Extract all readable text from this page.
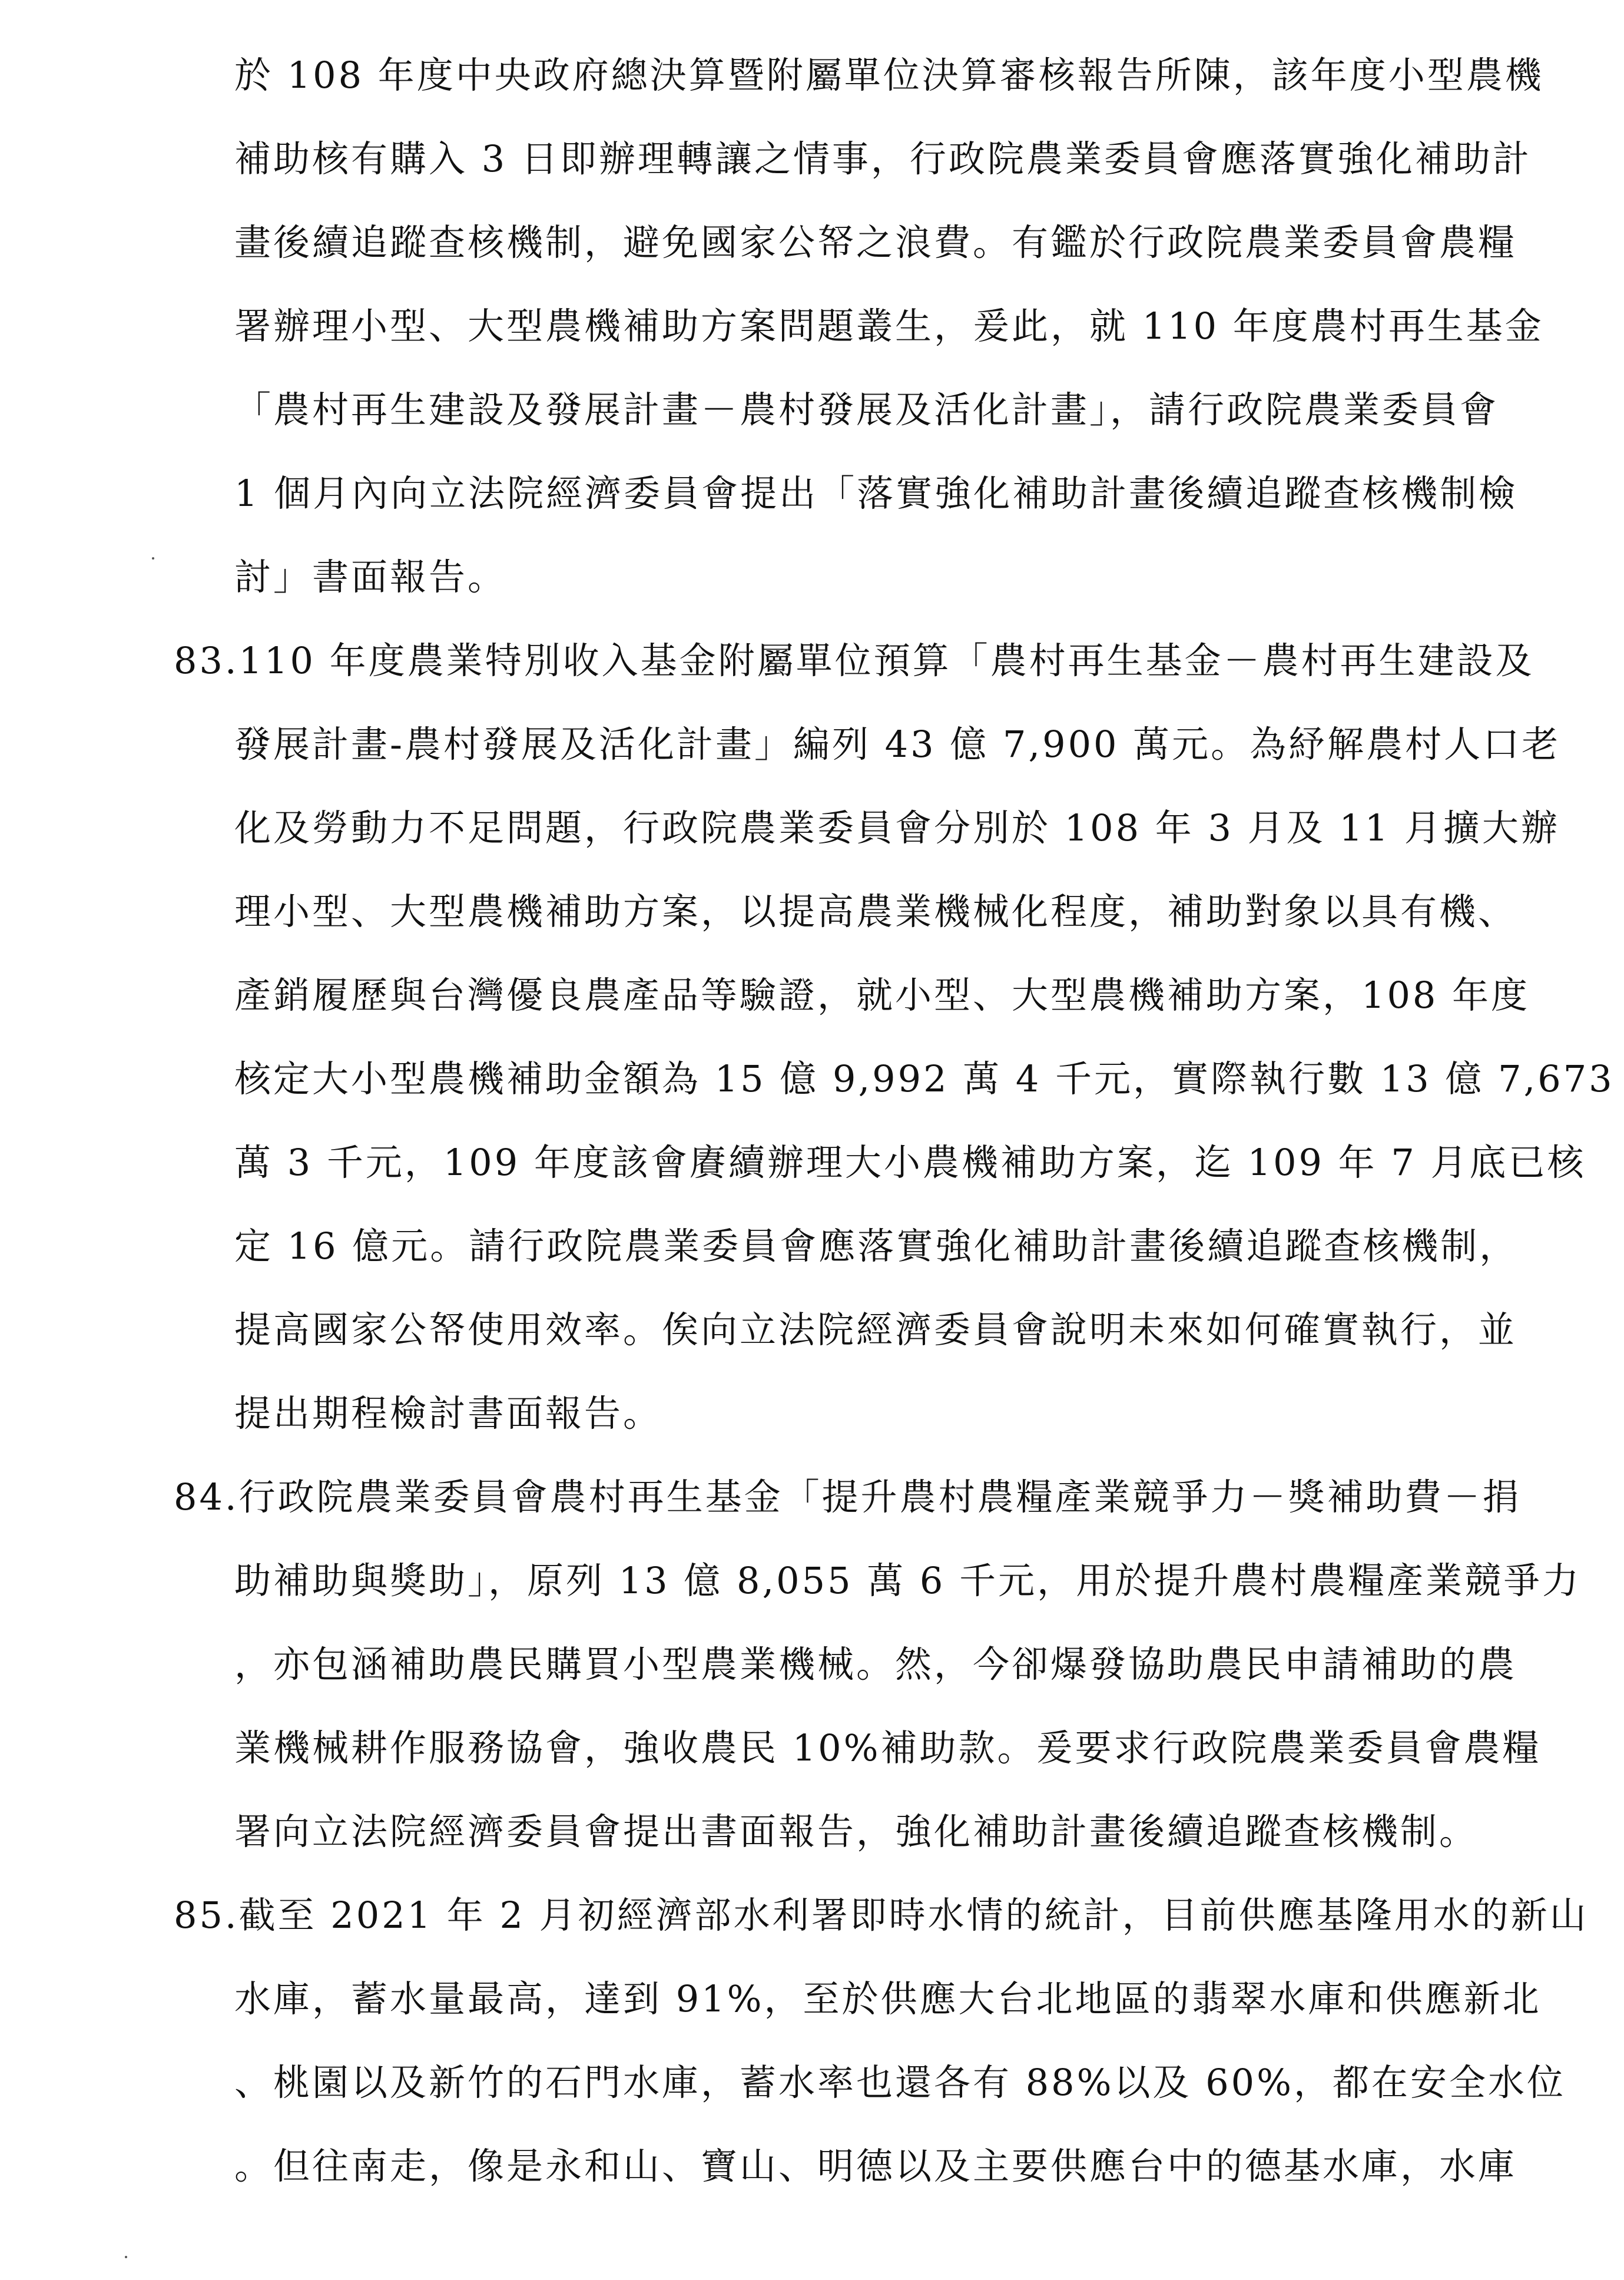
於 108 年度中央政府總決算暨附屬單位決算審核報告所陳，該年度小型農機
補助核有購入 3 日即辦理轉讓之情事，行政院農業委員會應落實強化補助計
畫後續追蹤查核機制，避免國家公帑之浪費。有鑑於行政院農業委員會農糧
署辦理小型、大型農機補助方案問題叢生，爰此，就 110 年度農村再生基金
「農村再生建設及發展計畫－農村發展及活化計畫」，請行政院農業委員會
1 個月內向立法院經濟委員會提出「落實強化補助計畫後續追蹤查核機制檢
討」書面報告。
83.110 年度農業特別收入基金附屬單位預算「農村再生基金－農村再生建設及
發展計畫-農村發展及活化計畫」編列 43 億 7,900 萬元。為紓解農村人口老
化及勞動力不足問題，行政院農業委員會分別於 108 年 3 月及 11 月擴大辦
理小型、大型農機補助方案，以提高農業機械化程度，補助對象以具有機、
產銷履歷與台灣優良農產品等驗證，就小型、大型農機補助方案，108 年度
核定大小型農機補助金額為 15 億 9,992 萬 4 千元，實際執行數 13 億 7,673
萬 3 千元，109 年度該會賡續辦理大小農機補助方案，迄 109 年 7 月底已核
定 16 億元。請行政院農業委員會應落實強化補助計畫後續追蹤查核機制，
提高國家公帑使用效率。俟向立法院經濟委員會說明未來如何確實執行，並
提出期程檢討書面報告。
84.行政院農業委員會農村再生基金「提升農村農糧產業競爭力－獎補助費－捐
助補助與獎助」，原列 13 億 8,055 萬 6 千元，用於提升農村農糧產業競爭力
，亦包涵補助農民購買小型農業機械。然，今卻爆發協助農民申請補助的農
業機械耕作服務協會，強收農民 10%補助款。爰要求行政院農業委員會農糧
署向立法院經濟委員會提出書面報告，強化補助計畫後續追蹤查核機制。
85.截至 2021 年 2 月初經濟部水利署即時水情的統計，目前供應基隆用水的新山
水庫，蓄水量最高，達到 91%，至於供應大台北地區的翡翠水庫和供應新北
、桃園以及新竹的石門水庫，蓄水率也還各有 88%以及 60%，都在安全水位
。但往南走，像是永和山、寶山、明德以及主要供應台中的德基水庫，水庫
